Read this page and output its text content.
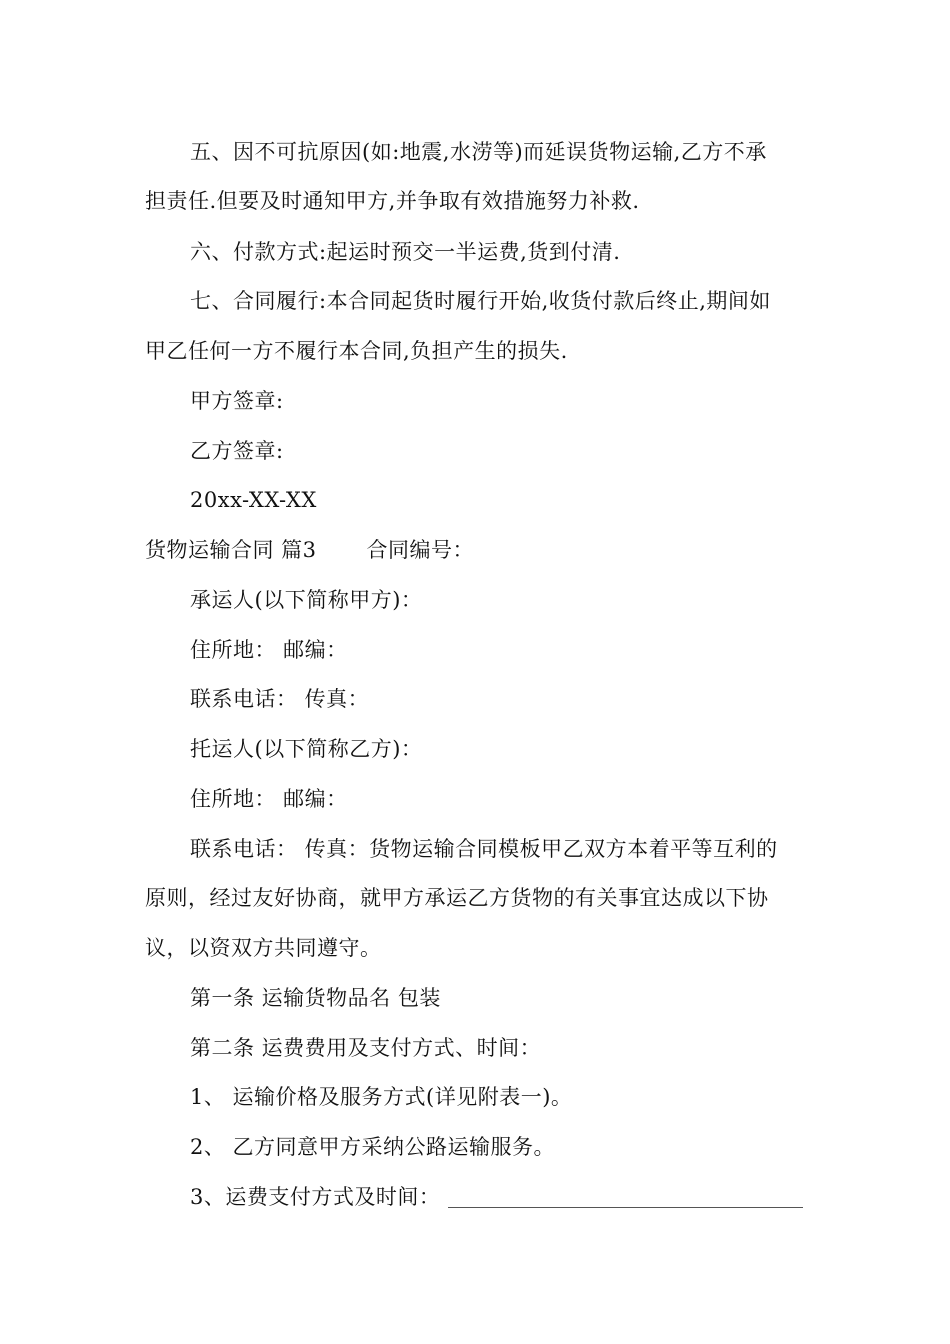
五、因不可抗原因(如:地震,水涝等)而延误货物运输,乙方不承
担责任.但要及时通知甲方,并争取有效措施努力补救.
六、付款方式:起运时预交一半运费,货到付清.
七、合同履行:本合同起货时履行开始,收货付款后终止,期间如
甲乙任何一方不履行本合同,负担产生的损失.
甲方签章:
乙方签章:
20xx-XX-XX
货物运输合同 篇3 合同编号：
承运人(以下简称甲方)：
住所地： 邮编：
联系电话： 传真：
托运人(以下简称乙方)：
住所地： 邮编：
联系电话： 传真：货物运输合同模板甲乙双方本着平等互利的
原则，经过友好协商，就甲方承运乙方货物的有关事宜达成以下协
议，以资双方共同遵守。
第一条 运输货物品名 包装
第二条 运费费用及支付方式、时间：
1、 运输价格及服务方式(详见附表一)。
2、 乙方同意甲方采纳公路运输服务。
3、运费支付方式及时间：
